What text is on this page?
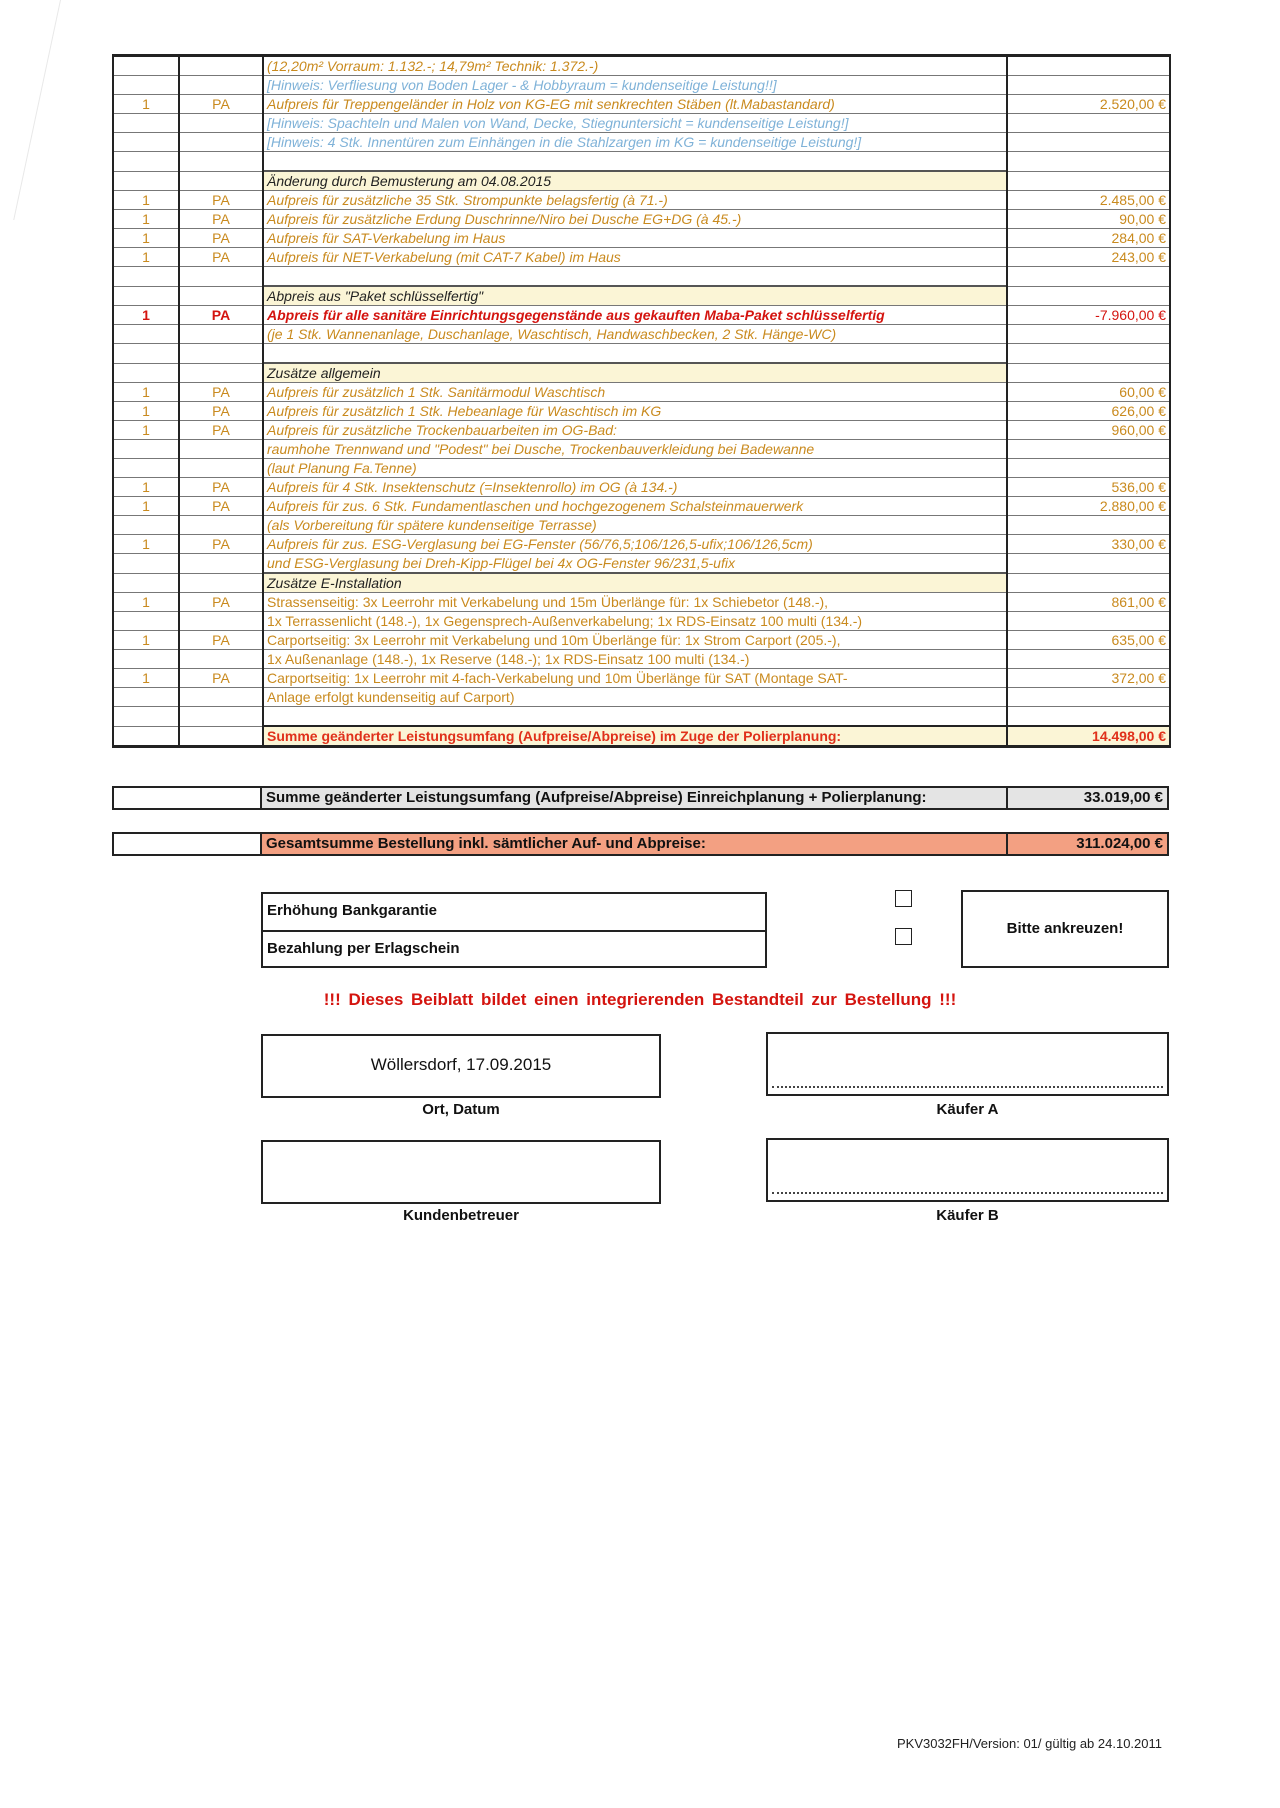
		(12,20m² Vorraum: 1.132.-; 14,79m² Technik: 1.372.-)	
		[Hinweis: Verfliesung von Boden Lager - & Hobbyraum = kundenseitige Leistung!!]	
1	PA	Aufpreis für Treppengeländer in Holz von KG-EG mit senkrechten Stäben (lt.Mabastandard)	2.520,00 €
		[Hinweis: Spachteln und Malen von Wand, Decke, Stiegnuntersicht = kundenseitige Leistung!]	
		[Hinweis: 4 Stk. Innentüren zum Einhängen in die Stahlzargen im KG = kundenseitige Leistung!]	

		Änderung durch Bemusterung am 04.08.2015	
1	PA	Aufpreis für zusätzliche 35 Stk. Strompunkte belagsfertig (à 71.-)	2.485,00 €
1	PA	Aufpreis für zusätzliche Erdung Duschrinne/Niro bei Dusche EG+DG (à 45.-)	90,00 €
1	PA	Aufpreis für SAT-Verkabelung im Haus	284,00 €
1	PA	Aufpreis für NET-Verkabelung (mit CAT-7 Kabel) im Haus	243,00 €

		Abpreis aus "Paket schlüsselfertig"	
1	PA	Abpreis für alle sanitäre Einrichtungsgegenstände aus gekauften Maba-Paket schlüsselfertig	-7.960,00 €
		(je 1 Stk. Wannenanlage, Duschanlage, Waschtisch, Handwaschbecken, 2 Stk. Hänge-WC)	

		Zusätze allgemein	
1	PA	Aufpreis für zusätzlich 1 Stk. Sanitärmodul Waschtisch	60,00 €
1	PA	Aufpreis für zusätzlich 1 Stk. Hebeanlage für Waschtisch im KG	626,00 €
1	PA	Aufpreis für zusätzliche Trockenbauarbeiten im OG-Bad:	960,00 €
		raumhohe Trennwand und "Podest" bei Dusche, Trockenbauverkleidung bei Badewanne	
		(laut Planung Fa.Tenne)	
1	PA	Aufpreis für 4 Stk. Insektenschutz (=Insektenrollo) im OG (à 134.-)	536,00 €
1	PA	Aufpreis für zus. 6 Stk. Fundamentlaschen und hochgezogenem Schalsteinmauerwerk	2.880,00 €
		(als Vorbereitung für spätere kundenseitige Terrasse)	
1	PA	Aufpreis für zus. ESG-Verglasung bei EG-Fenster (56/76,5;106/126,5-ufix;106/126,5cm)	330,00 €
		und ESG-Verglasung bei Dreh-Kipp-Flügel bei 4x OG-Fenster 96/231,5-ufix	
		Zusätze E-Installation	
1	PA	Strassenseitig: 3x Leerrohr mit Verkabelung und 15m Überlänge für: 1x Schiebetor (148.-),	861,00 €
		1x Terrassenlicht (148.-), 1x Gegensprech-Außenverkabelung; 1x RDS-Einsatz 100 multi (134.-)	
1	PA	Carportseitig: 3x Leerrohr mit Verkabelung und 10m Überlänge für: 1x Strom Carport (205.-),	635,00 €
		1x Außenanlage (148.-), 1x Reserve (148.-); 1x RDS-Einsatz 100 multi (134.-)	
1	PA	Carportseitig: 1x Leerrohr mit 4-fach-Verkabelung und 10m Überlänge für SAT (Montage SAT-	372,00 €
		Anlage erfolgt kundenseitig auf Carport)	

		Summe geänderter Leistungsumfang (Aufpreise/Abpreise) im Zuge der Polierplanung:	14.498,00 €
Summe geänderter Leistungsumfang (Aufpreise/Abpreise) Einreichplanung + Polierplanung:	33.019,00 €
Gesamtsumme Bestellung inkl. sämtlicher Auf- und Abpreise:	311.024,00 €
Erhöhung Bankgarantie
Bezahlung per Erlagschein
Bitte ankreuzen!
!!! Dieses Beiblatt bildet einen integrierenden Bestandteil zur Bestellung !!!
Wöllersdorf, 17.09.2015
Ort, Datum	Käufer A
Kundenbetreuer	Käufer B
PKV3032FH/Version: 01/ gültig ab 24.10.2011
